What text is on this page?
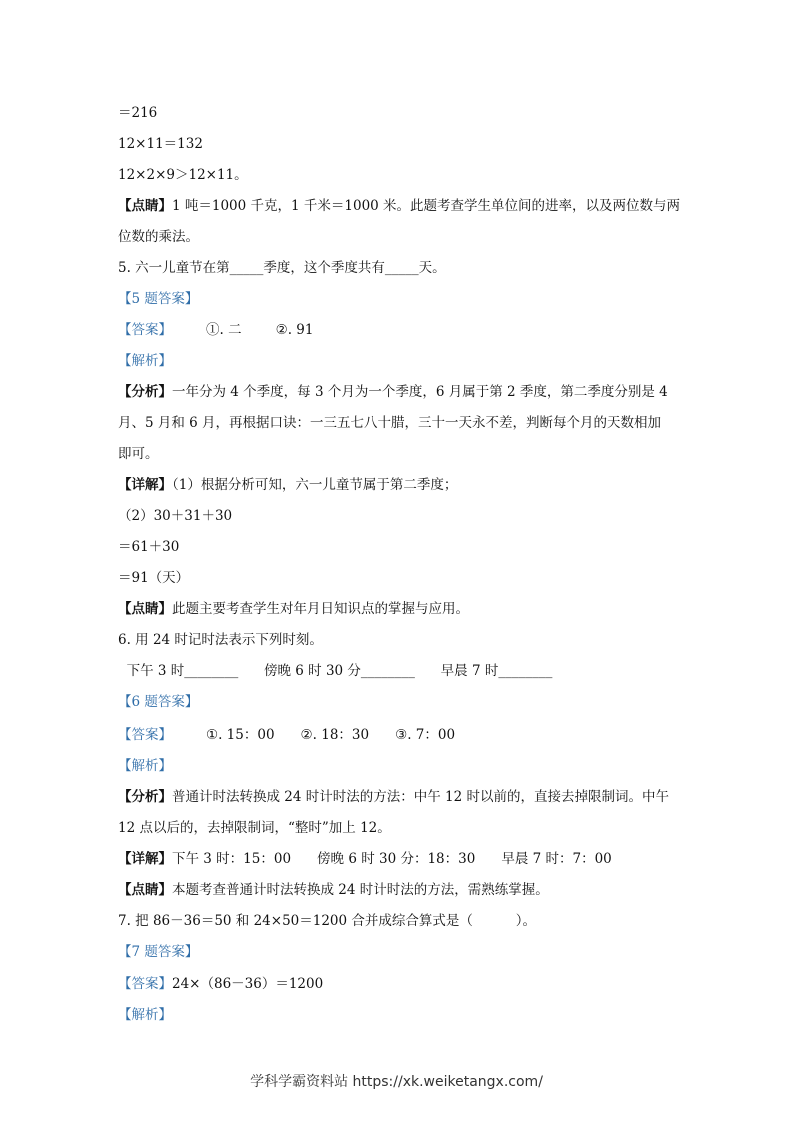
＝216
12×11＝132
12×2×9＞12×11。
【点睛】1 吨＝1000 千克，1 千米＝1000 米。此题考查学生单位间的进率，以及两位数与两
位数的乘法。
5. 六一儿童节在第_____季度，这个季度共有_____天。
【5 题答案】
【答案】	①. 二	②. 91
【解析】
【分析】一年分为 4 个季度，每 3 个月为一个季度，6 月属于第 2 季度，第二季度分别是 4
月、5 月和 6 月，再根据口诀：一三五七八十腊，三十一天永不差，判断每个月的天数相加
即可。
【详解】（1）根据分析可知，六一儿童节属于第二季度；
（2）30＋31＋30
＝61＋30
＝91（天）
【点睛】此题主要考查学生对年月日知识点的掌握与应用。
6. 用 24 时记时法表示下列时刻。
下午 3 时________      傍晚 6 时 30 分________      早晨 7 时________
【6 题答案】
【答案】	①. 15：00 ②. 18：30 ③. 7：00
【解析】
【分析】普通计时法转换成 24 时计时法的方法：中午 12 时以前的，直接去掉限制词。中午
12 点以后的，去掉限制词，“整时”加上 12。
【详解】下午 3 时：15：00 傍晚 6 时 30 分：18：30 早晨 7 时：7：00
【点睛】本题考查普通计时法转换成 24 时计时法的方法，需熟练掌握。
7. 把 86－36＝50 和 24×50＝1200 合并成综合算式是（          ）。
【7 题答案】
【答案】24×（86－36）＝1200
【解析】
学科学霸资料站 https://xk.weiketangx.com/
